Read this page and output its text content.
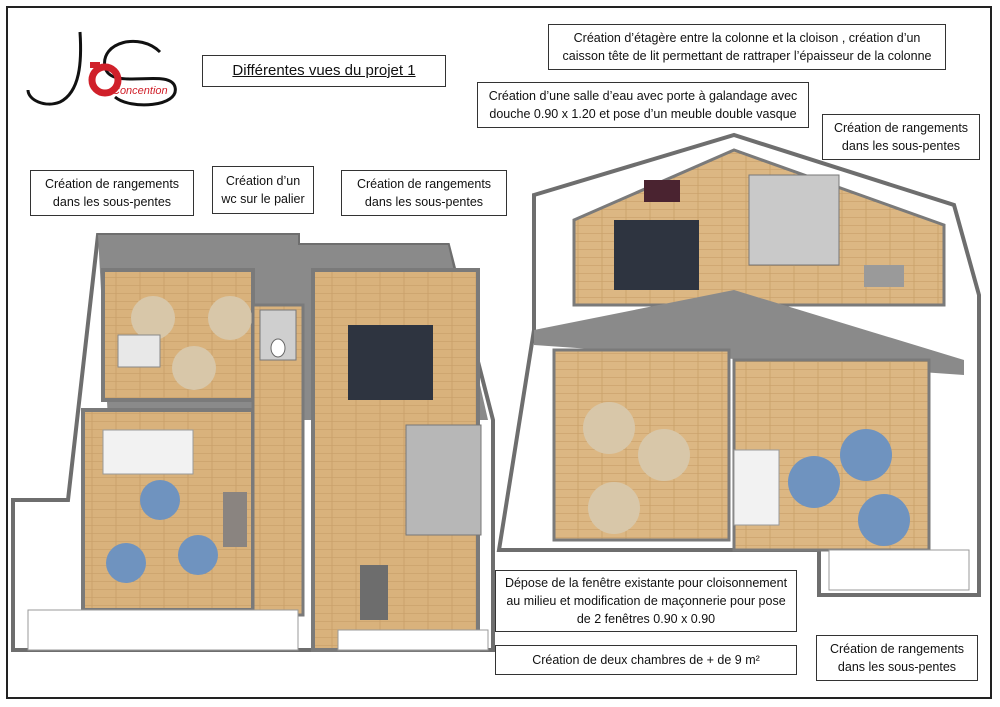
Concention
Différentes vues du projet 1
Création d’étagère entre la colonne et la cloison , création d’un
caisson tête de lit permettant de rattraper l’épaisseur de la colonne
Création d’une salle d’eau avec porte à galandage avec
douche 0.90 x 1.20 et pose d’un meuble double vasque
Création de rangements
dans les sous-pentes
Création de rangements
dans les sous-pentes
Création d’un
wc sur le palier
Création de rangements
dans les sous-pentes
Dépose de la fenêtre existante pour cloisonnement
au milieu et modification de maçonnerie pour pose
de 2 fenêtres 0.90 x 0.90
Création de deux chambres de + de 9 m²
Création de rangements
dans les sous-pentes
